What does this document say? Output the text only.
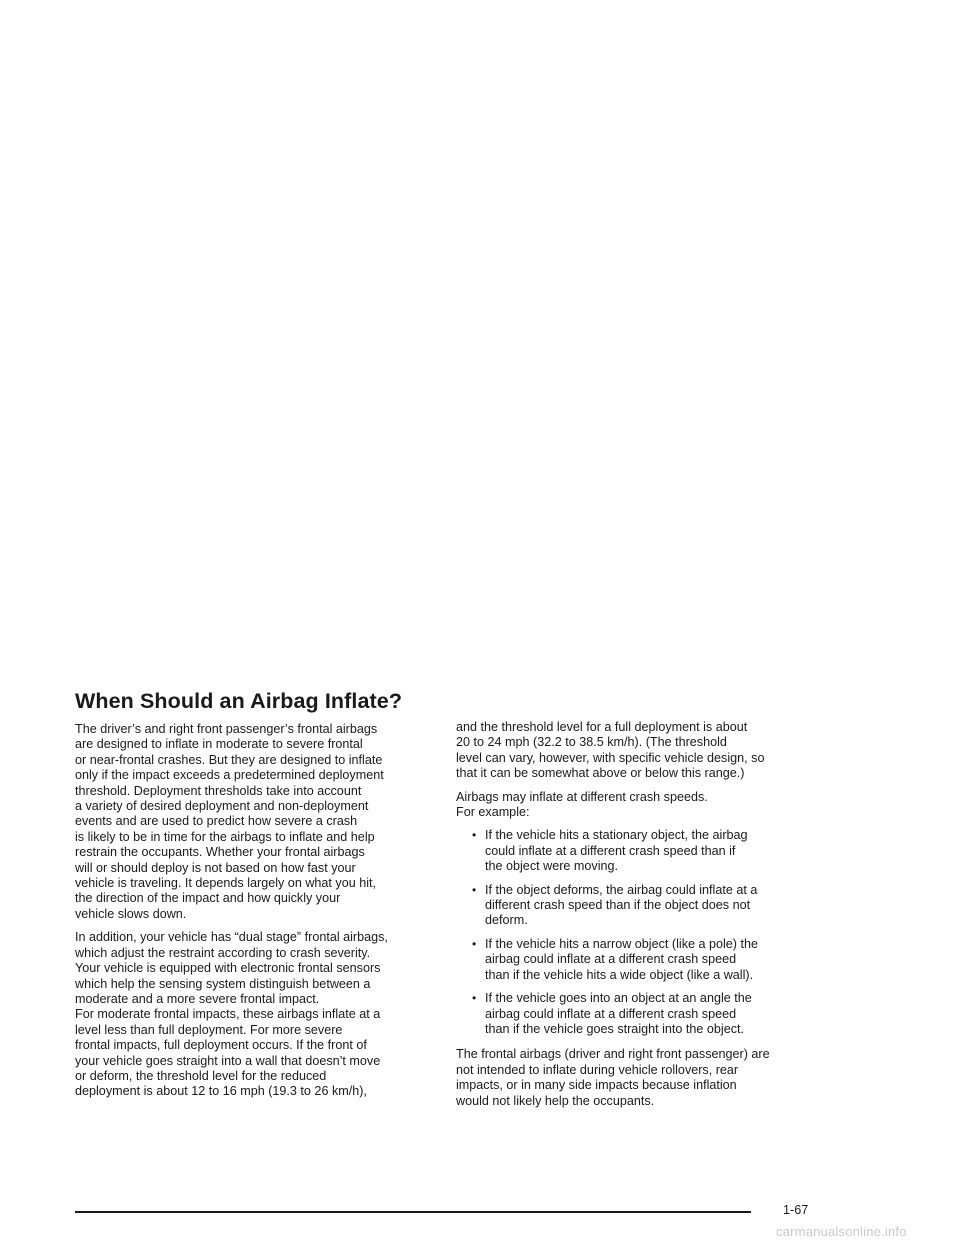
When Should an Airbag Inflate?

The driver’s and right front passenger’s frontal airbags
are designed to inflate in moderate to severe frontal
or near-frontal crashes. But they are designed to inflate
only if the impact exceeds a predetermined deployment
threshold. Deployment thresholds take into account
a variety of desired deployment and non-deployment
events and are used to predict how severe a crash
is likely to be in time for the airbags to inflate and help
restrain the occupants. Whether your frontal airbags
will or should deploy is not based on how fast your
vehicle is traveling. It depends largely on what you hit,
the direction of the impact and how quickly your
vehicle slows down.

In addition, your vehicle has “dual stage” frontal airbags,
which adjust the restraint according to crash severity.
Your vehicle is equipped with electronic frontal sensors
which help the sensing system distinguish between a
moderate and a more severe frontal impact.
For moderate frontal impacts, these airbags inflate at a
level less than full deployment. For more severe
frontal impacts, full deployment occurs. If the front of
your vehicle goes straight into a wall that doesn’t move
or deform, the threshold level for the reduced
deployment is about 12 to 16 mph (19.3 to 26 km/h),

and the threshold level for a full deployment is about
20 to 24 mph (32.2 to 38.5 km/h). (The threshold
level can vary, however, with specific vehicle design, so
that it can be somewhat above or below this range.)

Airbags may inflate at different crash speeds.
For example:

• If the vehicle hits a stationary object, the airbag
could inflate at a different crash speed than if
the object were moving.
• If the object deforms, the airbag could inflate at a
different crash speed than if the object does not
deform.
• If the vehicle hits a narrow object (like a pole) the
airbag could inflate at a different crash speed
than if the vehicle hits a wide object (like a wall).
• If the vehicle goes into an object at an angle the
airbag could inflate at a different crash speed
than if the vehicle goes straight into the object.

The frontal airbags (driver and right front passenger) are
not intended to inflate during vehicle rollovers, rear
impacts, or in many side impacts because inflation
would not likely help the occupants.

1-67
carmanualsonline.info
